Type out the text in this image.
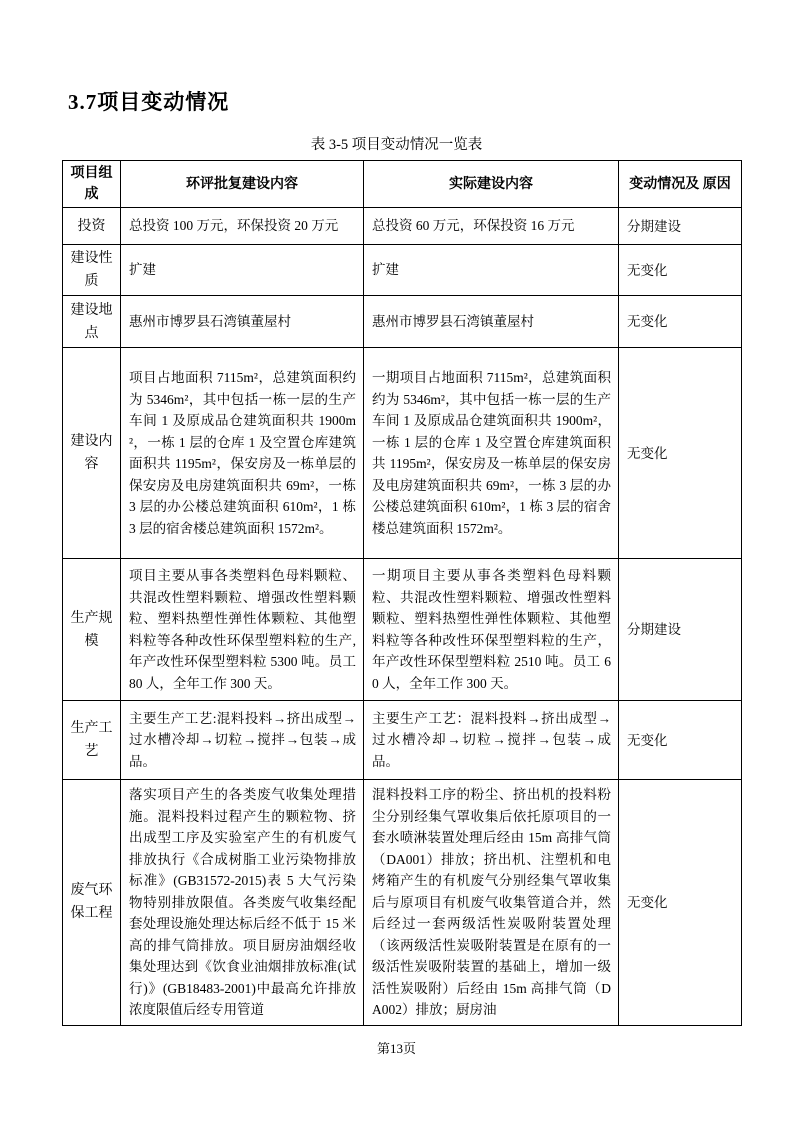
3.7项目变动情况
表 3-5 项目变动情况一览表
项目组成	环评批复建设内容	实际建设内容	变动情况及 原因
投资	总投资 100 万元，环保投资 20 万元	总投资 60 万元，环保投资 16 万元	分期建设
建设性质	扩建	扩建	无变化
建设地点	惠州市博罗县石湾镇董屋村	惠州市博罗县石湾镇董屋村	无变化
建设内容	项目占地面积 7115m²，总建筑面积约为 5346m²，其中包括一栋一层的生产车间 1 及原成品仓建筑面积共 1900m²，一栋 1 层的仓库 1 及空置仓库建筑面积共 1195m²，保安房及一栋单层的保安房及电房建筑面积共 69m²，一栋 3 层的办公楼总建筑面积 610m²，1 栋 3 层的宿舍楼总建筑面积 1572m²。	一期项目占地面积 7115m²，总建筑面积约为 5346m²，其中包括一栋一层的生产车间 1 及原成品仓建筑面积共 1900m²，一栋 1 层的仓库 1 及空置仓库建筑面积共 1195m²，保安房及一栋单层的保安房及电房建筑面积共 69m²，一栋 3 层的办公楼总建筑面积 610m²，1 栋 3 层的宿舍楼总建筑面积 1572m²。	无变化
生产规模	项目主要从事各类塑料色母料颗粒、共混改性塑料颗粒、增强改性塑料颗粒、塑料热塑性弹性体颗粒、其他塑料粒等各种改性环保型塑料粒的生产,年产改性环保型塑料粒 5300 吨。员工 80 人，全年工作 300 天。	一期项目主要从事各类塑料色母料颗粒、共混改性塑料颗粒、增强改性塑料颗粒、塑料热塑性弹性体颗粒、其他塑料粒等各种改性环保型塑料粒的生产，年产改性环保型塑料粒 2510 吨。员工 60 人，全年工作 300 天。	分期建设
生产工艺	主要生产工艺:混料投料→挤出成型→过水槽冷却→切粒→搅拌→包装→成品。	主要生产工艺：混料投料→挤出成型→过水槽冷却→切粒→搅拌→包装→成品。	无变化
废气环保工程	落实项目产生的各类废气收集处理措施。混料投料过程产生的颗粒物、挤出成型工序及实验室产生的有机废气排放执行《合成树脂工业污染物排放标准》(GB31572-2015)表 5 大气污染物特别排放限值。各类废气收集经配套处理设施处理达标后经不低于 15 米高的排气筒排放。项目厨房油烟经收集处理达到《饮食业油烟排放标准(试行)》(GB18483-2001)中最高允许排放浓度限值后经专用管道	混料投料工序的粉尘、挤出机的投料粉尘分别经集气罩收集后依托原项目的一套水喷淋装置处理后经由 15m 高排气筒（DA001）排放；挤出机、注塑机和电烤箱产生的有机废气分别经集气罩收集后与原项目有机废气收集管道合并，然后经过一套两级活性炭吸附装置处理（该两级活性炭吸附装置是在原有的一级活性炭吸附装置的基础上，增加一级活性炭吸附）后经由 15m 高排气筒（DA002）排放；厨房油	无变化
第13页
